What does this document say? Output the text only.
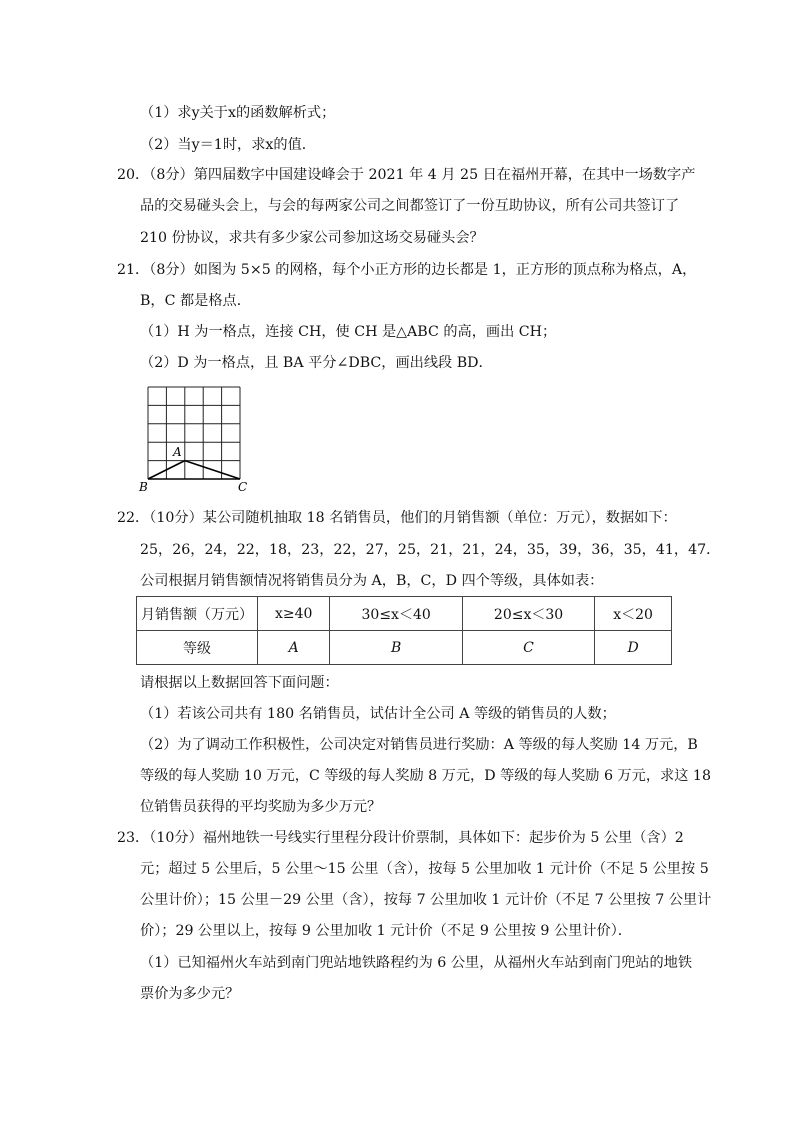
（1）求y关于x的函数解析式；
（2）当y＝1时，求x的值．
20．（8分）第四届数字中国建设峰会于 2021 年 4 月 25 日在福州开幕，在其中一场数字产
品的交易碰头会上，与会的每两家公司之间都签订了一份互助协议，所有公司共签订了
210 份协议，求共有多少家公司参加这场交易碰头会？
21．（8分）如图为 5×5 的网格，每个小正方形的边长都是 1，正方形的顶点称为格点，A，
B，C 都是格点．
（1）H 为一格点，连接 CH，使 CH 是△ABC 的高，画出 CH；
（2）D 为一格点，且 BA 平分∠DBC，画出线段 BD．
A
B	C
22．（10分）某公司随机抽取 18 名销售员，他们的月销售额（单位：万元），数据如下：
25，26，24，22，18，23，22，27，25，21，21，24，35，39，36，35，41，47．
公司根据月销售额情况将销售员分为 A，B，C，D 四个等级，具体如表：
月销售额（万元）	x≥40	30≤x＜40	20≤x＜30	x＜20
等级	A	B	C	D
请根据以上数据回答下面问题：
（1）若该公司共有 180 名销售员，试估计全公司 A 等级的销售员的人数；
（2）为了调动工作积极性，公司决定对销售员进行奖励：A 等级的每人奖励 14 万元，B
等级的每人奖励 10 万元，C 等级的每人奖励 8 万元，D 等级的每人奖励 6 万元，求这 18
位销售员获得的平均奖励为多少万元？
23．（10分）福州地铁一号线实行里程分段计价票制，具体如下：起步价为 5 公里（含）2
元；超过 5 公里后，5 公里～15 公里（含），按每 5 公里加收 1 元计价（不足 5 公里按 5
公里计价）；15 公里－29 公里（含），按每 7 公里加收 1 元计价（不足 7 公里按 7 公里计
价）；29 公里以上，按每 9 公里加收 1 元计价（不足 9 公里按 9 公里计价）．
（1）已知福州火车站到南门兜站地铁路程约为 6 公里，从福州火车站到南门兜站的地铁
票价为多少元？
